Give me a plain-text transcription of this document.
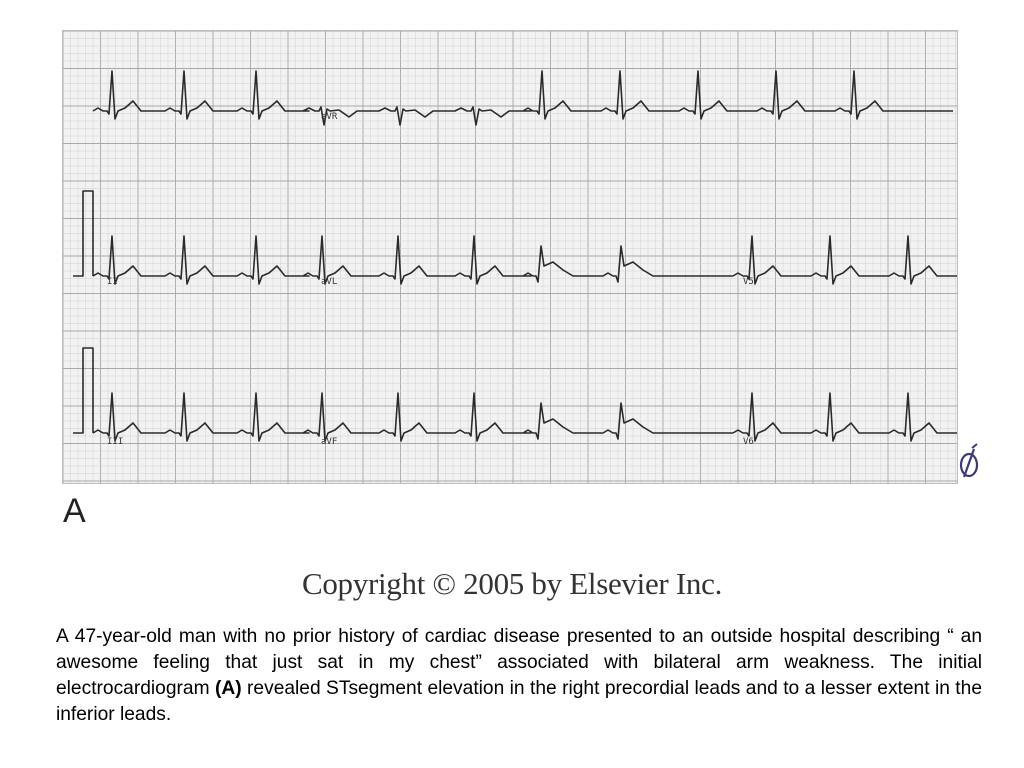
aVR
II	aVL	V5
III	aVF	V6
A
Copyright © 2005 by Elsevier Inc.
A 47-year-old man with no prior history of cardiac disease presented to an outside hospital describing “ an awesome feeling that just sat in my chest” associated with bilateral arm weakness. The initial electrocardiogram (A) revealed STsegment elevation in the right precordial leads and to a lesser extent in the inferior leads.
